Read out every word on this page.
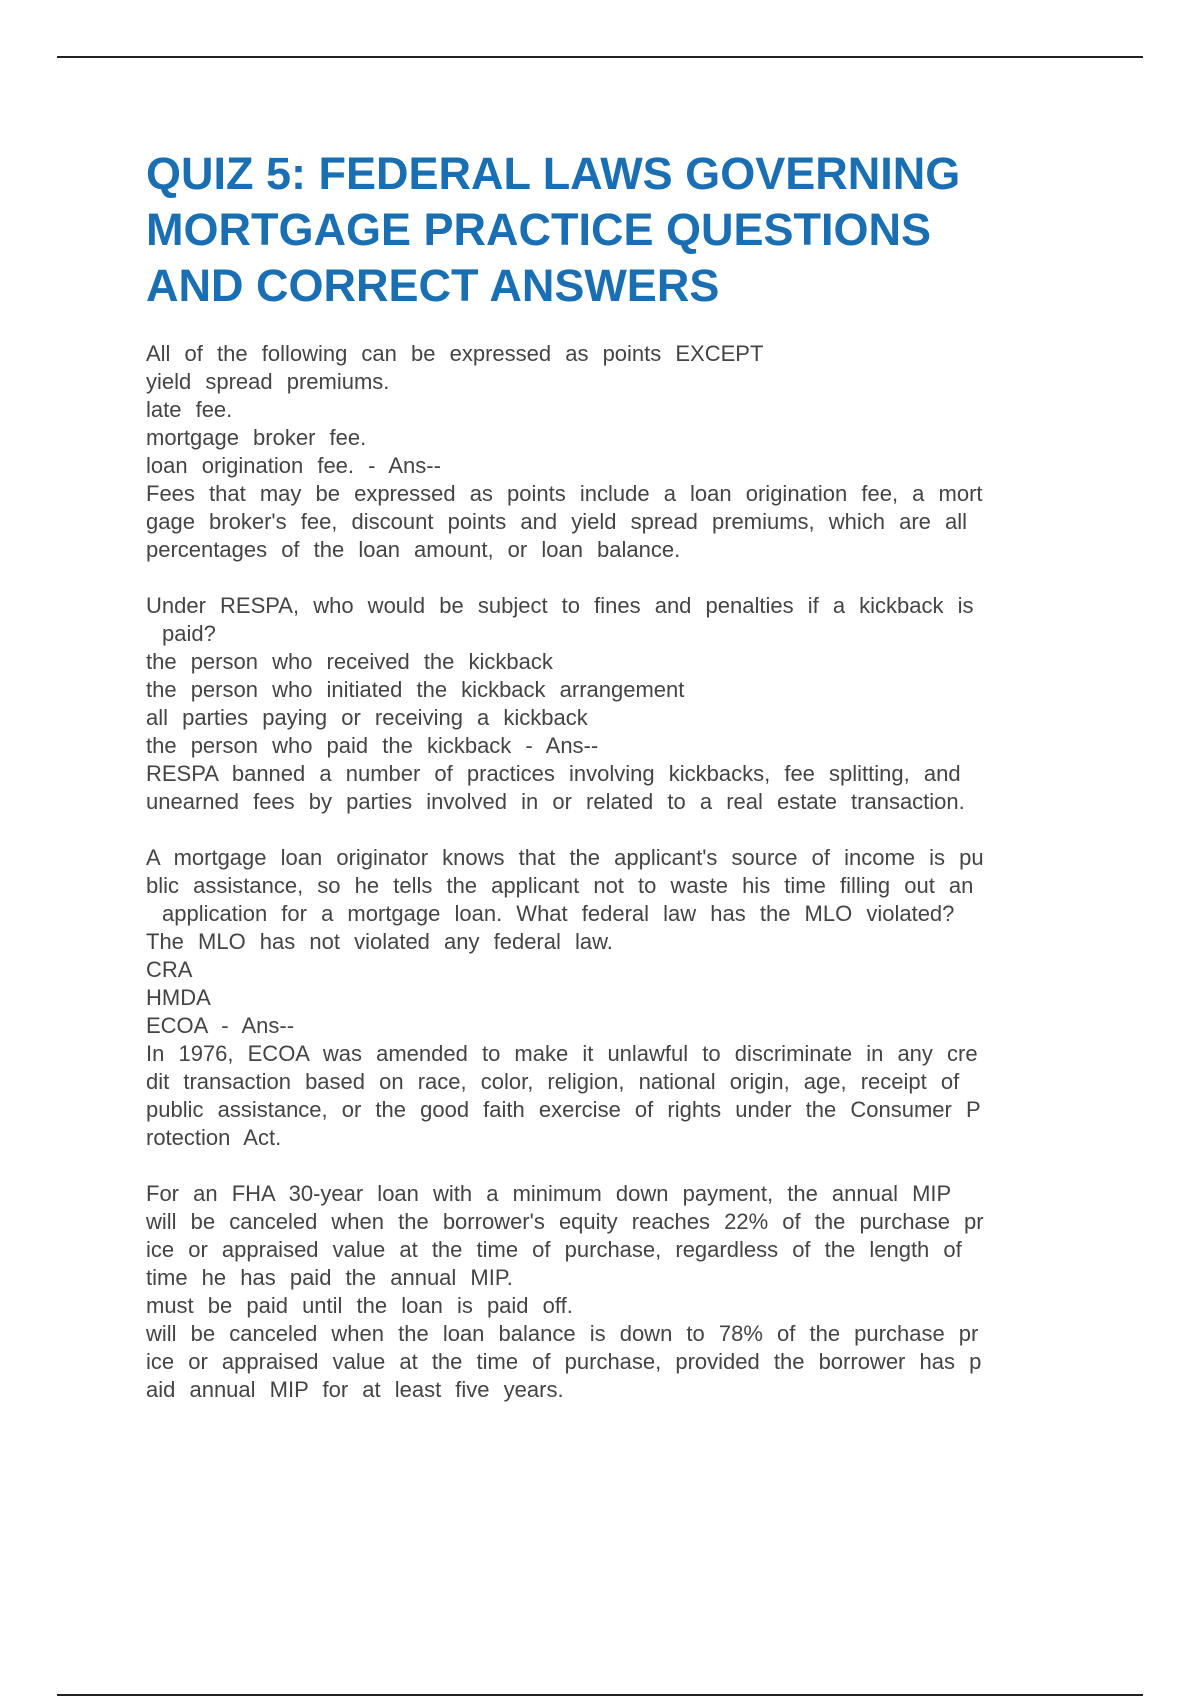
QUIZ 5: FEDERAL LAWS GOVERNING
MORTGAGE PRACTICE QUESTIONS
AND CORRECT ANSWERS
All of the following can be expressed as points EXCEPT
yield spread premiums.
late fee.
mortgage broker fee.
loan origination fee. - Ans--
Fees that may be expressed as points include a loan origination fee, a mort
gage broker's fee, discount points and yield spread premiums, which are all
percentages of the loan amount, or loan balance.
Under RESPA, who would be subject to fines and penalties if a kickback is
paid?
the person who received the kickback
the person who initiated the kickback arrangement
all parties paying or receiving a kickback
the person who paid the kickback - Ans--
RESPA banned a number of practices involving kickbacks, fee splitting, and
unearned fees by parties involved in or related to a real estate transaction.
A mortgage loan originator knows that the applicant's source of income is pu
blic assistance, so he tells the applicant not to waste his time filling out an
application for a mortgage loan. What federal law has the MLO violated?
The MLO has not violated any federal law.
CRA
HMDA
ECOA - Ans--
In 1976, ECOA was amended to make it unlawful to discriminate in any cre
dit transaction based on race, color, religion, national origin, age, receipt of
public assistance, or the good faith exercise of rights under the Consumer P
rotection Act.
For an FHA 30-year loan with a minimum down payment, the annual MIP
will be canceled when the borrower's equity reaches 22% of the purchase pr
ice or appraised value at the time of purchase, regardless of the length of
time he has paid the annual MIP.
must be paid until the loan is paid off.
will be canceled when the loan balance is down to 78% of the purchase pr
ice or appraised value at the time of purchase, provided the borrower has p
aid annual MIP for at least five years.
